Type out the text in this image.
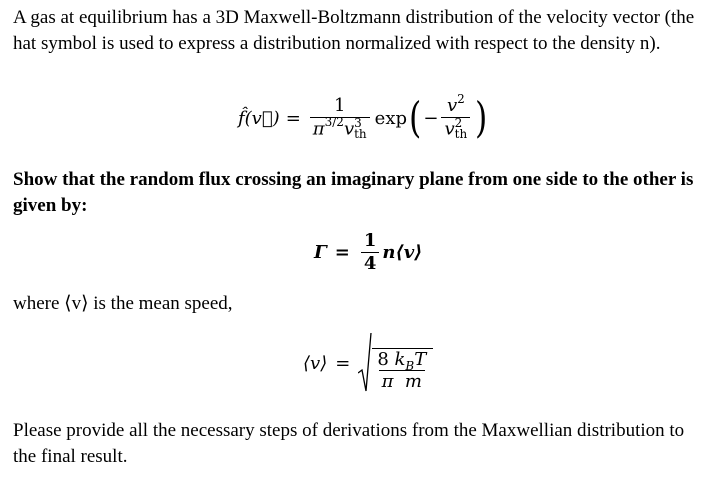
A gas at equilibrium has a 3D Maxwell-Boltzmann distribution of the velocity vector (the hat symbol is used to express a distribution normalized with respect to the density n).
f̂(v⃗) = 1
$\pi^{3/2}v$ 3
th exp ( − $v^2$
v 2
th )
Show that the random flux crossing an imaginary plane from one side to the other is given by:
$\Gamma = \frac{1}{4}$ n⟨v⟩
where ⟨v⟩ is the mean speed,
⟨v⟩ = $\frac{8 k_BT}{\text{π m}}$
Please provide all the necessary steps of derivations from the Maxwellian distribution to the final result.
